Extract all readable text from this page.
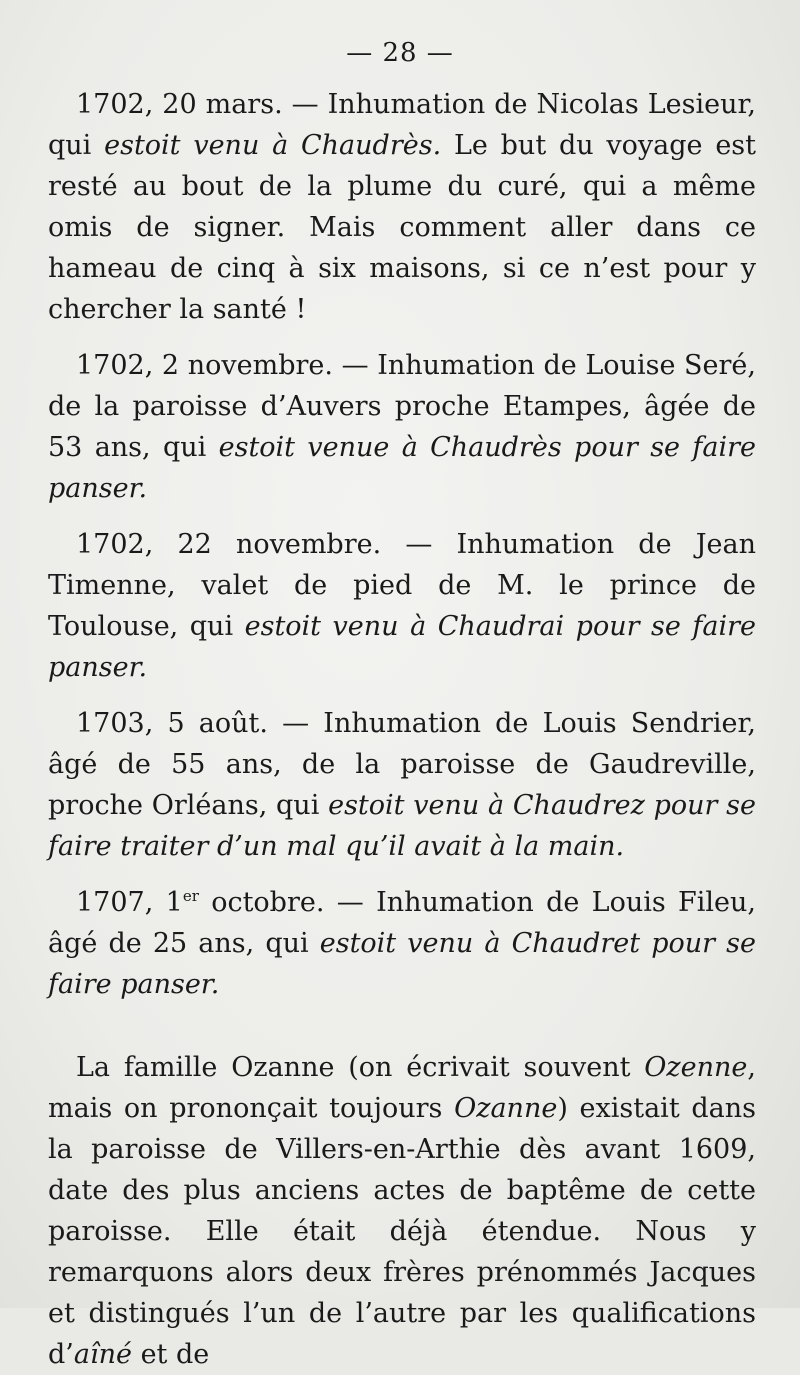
— 28 —

1702, 20 mars. — Inhumation de Nicolas Lesieur, qui estoit venu à Chaudrès. Le but du voyage est resté au bout de la plume du curé, qui a même omis de signer. Mais comment aller dans ce hameau de cinq à six maisons, si ce n’est pour y chercher la santé !

1702, 2 novembre. — Inhumation de Louise Seré, de la paroisse d’Auvers proche Etampes, âgée de 53 ans, qui estoit venue à Chaudrès pour se faire panser.

1702, 22 novembre. — Inhumation de Jean Timenne, valet de pied de M. le prince de Toulouse, qui estoit venu à Chaudrai pour se faire panser.

1703, 5 août. — Inhumation de Louis Sendrier, âgé de 55 ans, de la paroisse de Gaudreville, proche Orléans, qui estoit venu à Chaudrez pour se faire traiter d’un mal qu’il avait à la main.

1707, 1er octobre. — Inhumation de Louis Fileu, âgé de 25 ans, qui estoit venu à Chaudret pour se faire panser.

La famille Ozanne (on écrivait souvent Ozenne, mais on prononçait toujours Ozanne) existait dans la paroisse de Villers-en-Arthie dès avant 1609, date des plus anciens actes de baptême de cette paroisse. Elle était déjà étendue. Nous y remarquons alors deux frères prénommés Jacques et distingués l’un de l’autre par les qualifications d’aîné et de
